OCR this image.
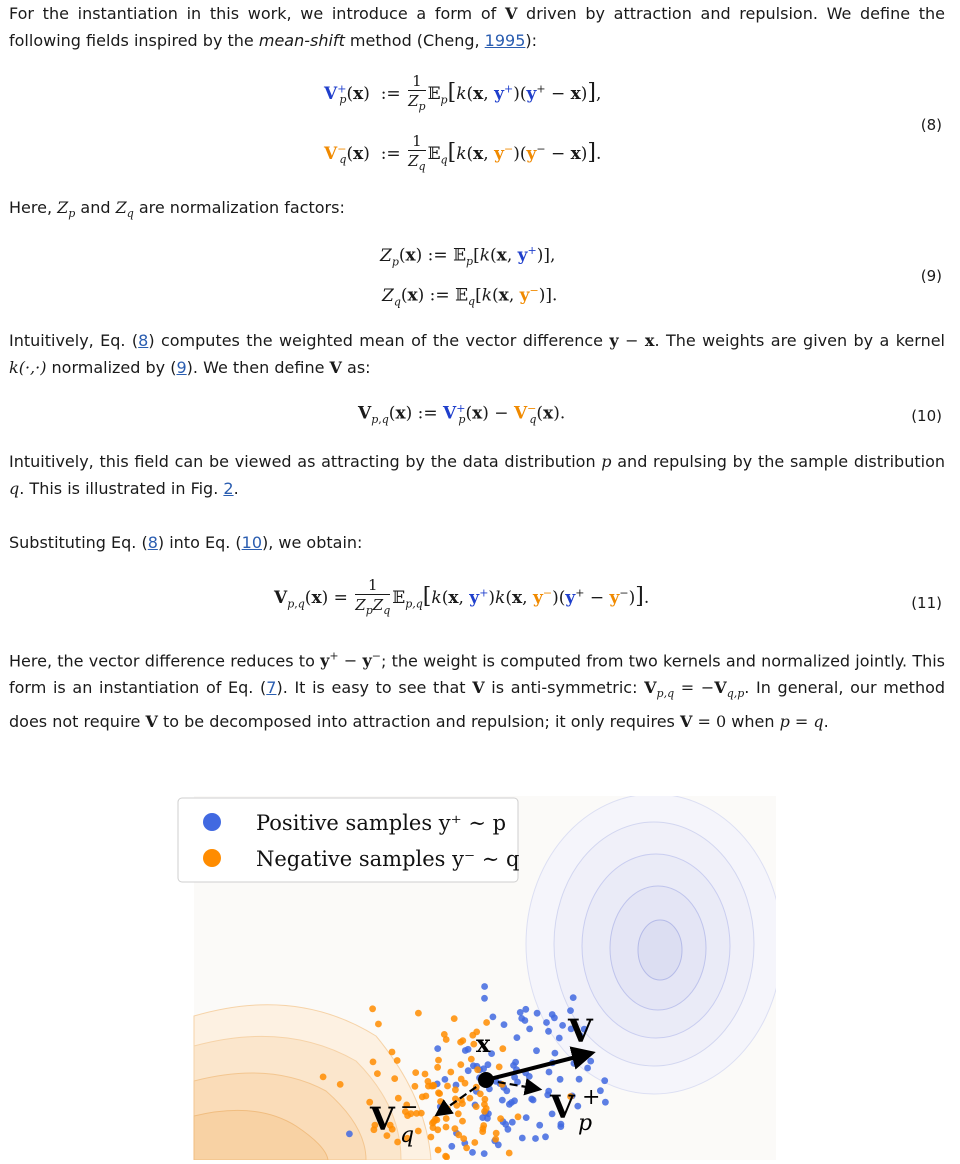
For the instantiation in this work, we introduce a form of V driven by attraction and repulsion. We define the following fields inspired by the mean-shift method (Cheng, 1995):

$V^+_p(x)$  := $\frac{1}{Z_p}$ 𝔼$_p$[k(x, y+)(y+ − x)],
$V^-_q(x)$  := $\frac{1}{Z_q}$ 𝔼$_q$[k(x, y−)(y− − x)].
(8)

Here, $Z_p$ and $Z_q$ are normalization factors:

$Z_p(x)$ := 𝔼$_p$[k(x, y+)],
$Z_q(x)$ := 𝔼$_q$[k(x, y−)].
(9)

Intuitively, Eq. (8) computes the weighted mean of the vector difference y − x. The weights are given by a kernel k(·,·) normalized by (9). We then define V as:

$V_{p,q}(x)$ := $V^+_p(x) - V^-_q(x)$.	(10)

Intuitively, this field can be viewed as attracting by the data distribution p and repulsing by the sample distribution q. This is illustrated in Fig. 2.

Substituting Eq. (8) into Eq. (10), we obtain:

$V_{p,q}(x) = \frac{1}{Z_pZ_q}$ 𝔼$_{p,q}$[k(x, y+)k(x, y−)(y+ − y−)].	(11)

Here, the vector difference reduces to y+ − y−; the weight is computed from two kernels and normalized jointly. This form is an instantiation of Eq. (7). It is easy to see that V is anti-symmetric: $V_{p,q} = -V_{q,p}$. In general, our method does not require V to be decomposed into attraction and repulsion; it only requires V = 0 when p = q.

x V
V +
p
V −
q
Positive samples y⁺ ∼ p
Negative samples y⁻ ∼ q
